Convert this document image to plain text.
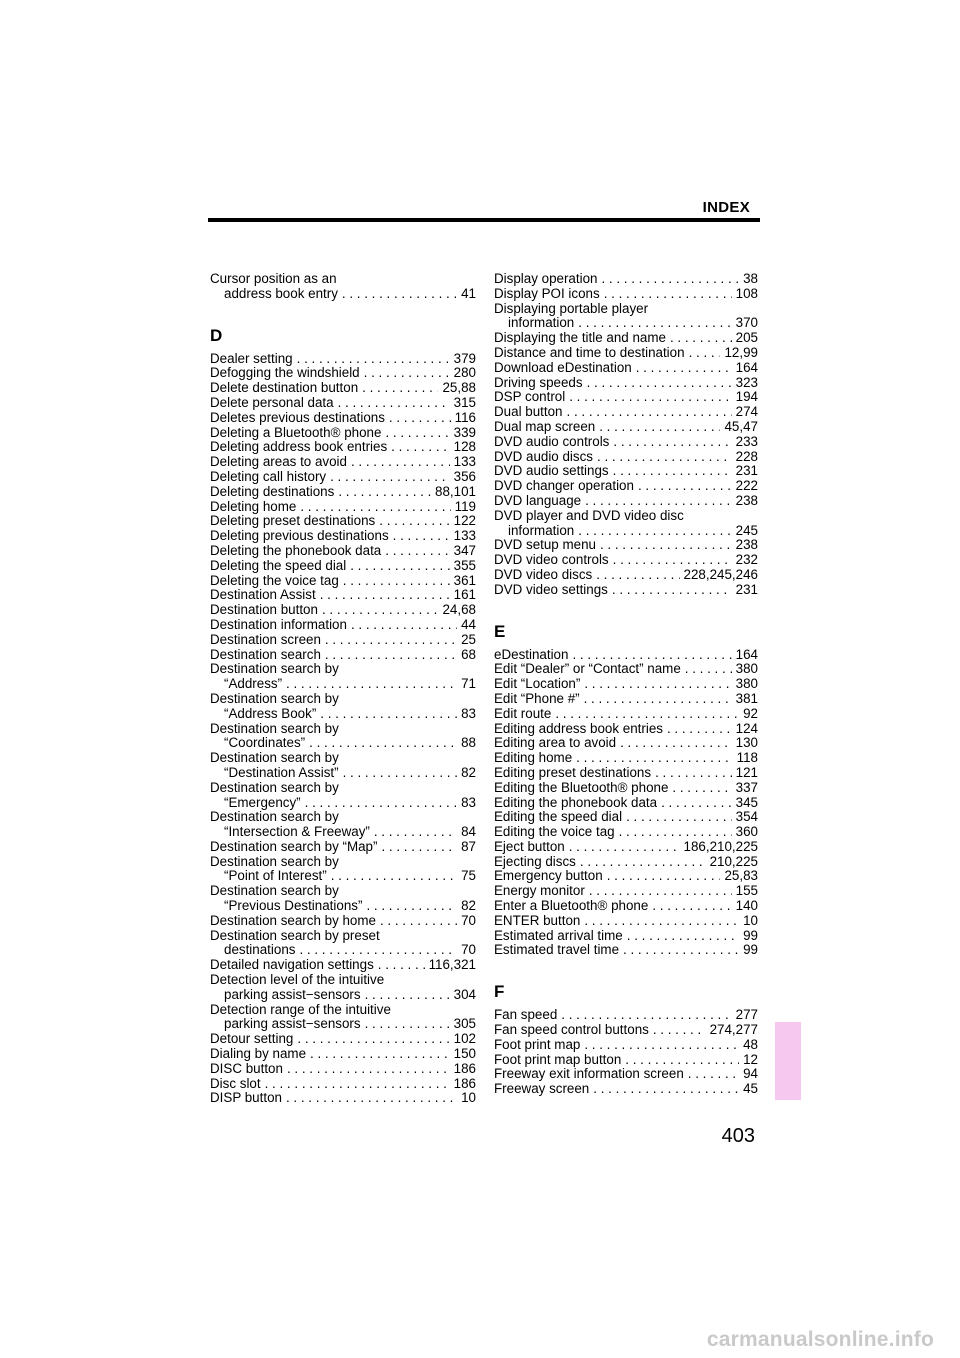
INDEX
Cursor position as an
address book entry . . .	41
D
Dealer setting . . .	379
Defogging the windshield . . .	280
Delete destination button . . .	25,88
Delete personal data . . .	315
Deletes previous destinations . . .	116
Deleting a Bluetooth® phone . . .	339
Deleting address book entries . . .	128
Deleting areas to avoid . . .	133
Deleting call history . . .	356
Deleting destinations . . .	88,101
Deleting home . . .	119
Deleting preset destinations . . .	122
Deleting previous destinations . . .	133
Deleting the phonebook data . . .	347
Deleting the speed dial . . .	355
Deleting the voice tag . . .	361
Destination Assist . . .	161
Destination button . . .	24,68
Destination information . . .	44
Destination screen . . .	25
Destination search . . .	68
Destination search by
“Address” . . .	71
Destination search by
“Address Book” . . .	83
Destination search by
“Coordinates” . . .	88
Destination search by
“Destination Assist” . . .	82
Destination search by
“Emergency” . . .	83
Destination search by
“Intersection & Freeway” . . .	84
Destination search by “Map” . . .	87
Destination search by
“Point of Interest” . . .	75
Destination search by
“Previous Destinations” . . .	82
Destination search by home . . .	70
Destination search by preset
destinations . . .	70
Detailed navigation settings . . .	116,321
Detection level of the intuitive
parking assist−sensors . . .	304
Detection range of the intuitive
parking assist−sensors . . .	305
Detour setting . . .	102
Dialing by name . . .	150
DISC button . . .	186
Disc slot . . .	186
DISP button . . .	10
Display operation . . .	38
Display POI icons . . .	108
Displaying portable player
information . . .	370
Displaying the title and name . . .	205
Distance and time to destination . . .	12,99
Download eDestination . . .	164
Driving speeds . . .	323
DSP control . . .	194
Dual button . . .	274
Dual map screen . . .	45,47
DVD audio controls . . .	233
DVD audio discs . . .	228
DVD audio settings . . .	231
DVD changer operation . . .	222
DVD language . . .	238
DVD player and DVD video disc
information . . .	245
DVD setup menu . . .	238
DVD video controls . . .	232
DVD video discs . . .	228,245,246
DVD video settings . . .	231
E
eDestination . . .	164
Edit “Dealer” or “Contact” name . . .	380
Edit “Location” . . .	380
Edit “Phone #” . . .	381
Edit route . . .	92
Editing address book entries . . .	124
Editing area to avoid . . .	130
Editing home . . .	118
Editing preset destinations . . .	121
Editing the Bluetooth® phone . . .	337
Editing the phonebook data . . .	345
Editing the speed dial . . .	354
Editing the voice tag . . .	360
Eject button . . .	186,210,225
Ejecting discs . . .	210,225
Emergency button . . .	25,83
Energy monitor . . .	155
Enter a Bluetooth® phone . . .	140
ENTER button . . .	10
Estimated arrival time . . .	99
Estimated travel time . . .	99
F
Fan speed . . .	277
Fan speed control buttons . . .	274,277
Foot print map . . .	48
Foot print map button . . .	12
Freeway exit information screen . . .	94
Freeway screen . . .	45
403
carmanualsonline.info
